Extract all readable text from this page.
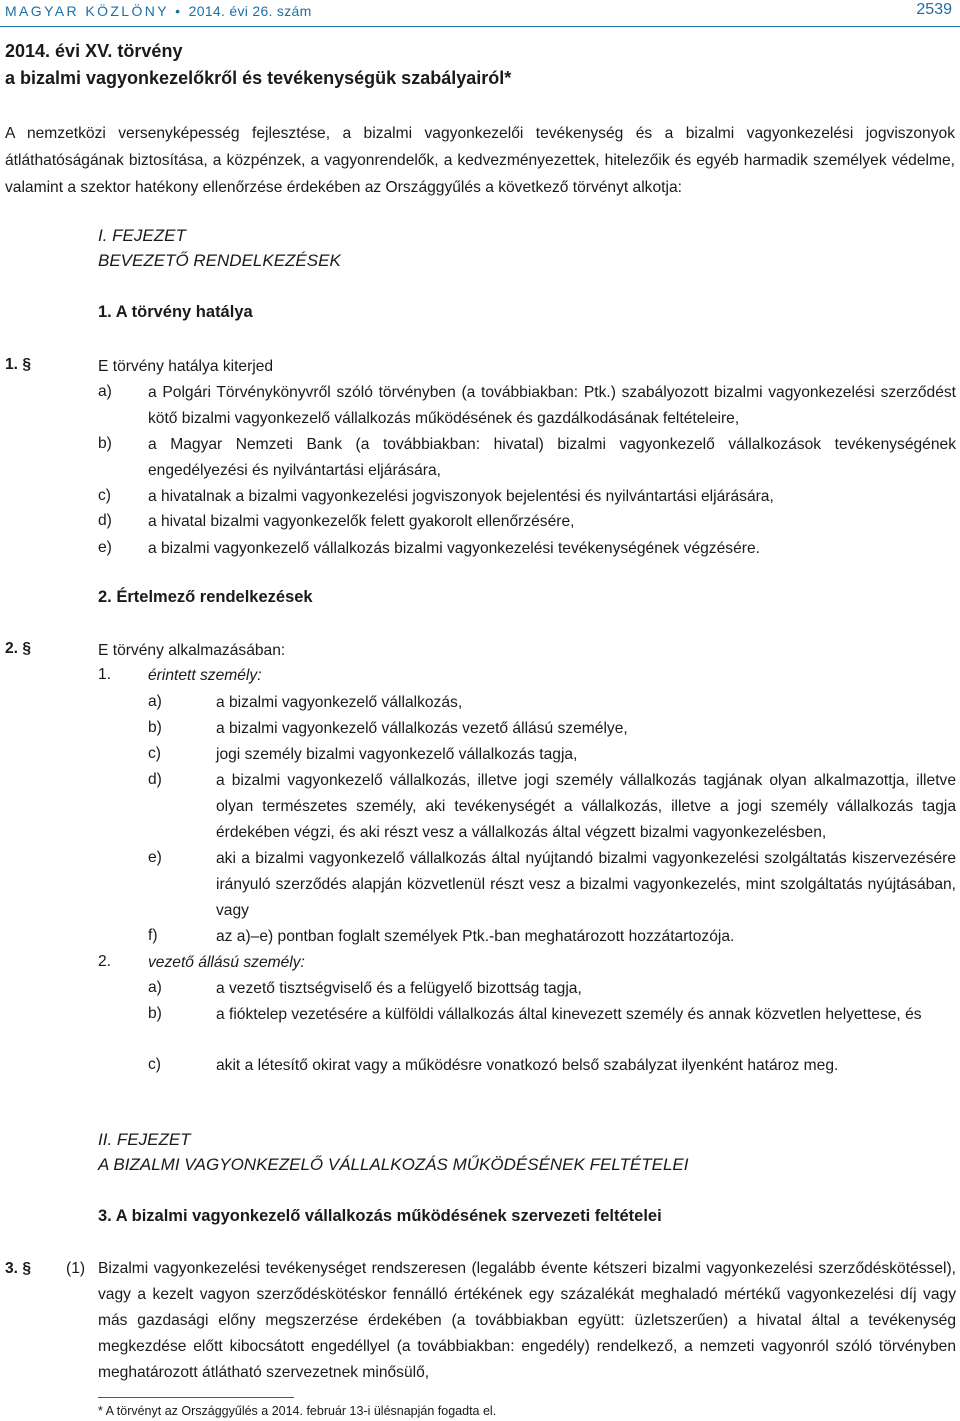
MAGYAR KÖZLÖNY • 2014. évi 26. szám	2539
2014. évi XV. törvény
a bizalmi vagyonkezelőkről és tevékenységük szabályairól*
A nemzetközi versenyképesség fejlesztése, a bizalmi vagyonkezelői tevékenység és a bizalmi vagyonkezelési jogviszonyok átláthatóságának biztosítása, a közpénzek, a vagyonrendelők, a kedvezményezettek, hitelezőik és egyéb harmadik személyek védelme, valamint a szektor hatékony ellenőrzése érdekében az Országgyűlés a következő törvényt alkotja:
I. FEJEZET
BEVEZETŐ RENDELKEZÉSEK
1. A törvény hatálya
1. §	E törvény hatálya kiterjed
a) a Polgári Törvénykönyvről szóló törvényben (a továbbiakban: Ptk.) szabályozott bizalmi vagyonkezelési szerződést kötő bizalmi vagyonkezelő vállalkozás működésének és gazdálkodásának feltételeire,
b) a Magyar Nemzeti Bank (a továbbiakban: hivatal) bizalmi vagyonkezelő vállalkozások tevékenységének engedélyezési és nyilvántartási eljárására,
c) a hivatalnak a bizalmi vagyonkezelési jogviszonyok bejelentési és nyilvántartási eljárására,
d) a hivatal bizalmi vagyonkezelők felett gyakorolt ellenőrzésére,
e) a bizalmi vagyonkezelő vállalkozás bizalmi vagyonkezelési tevékenységének végzésére.
2. Értelmező rendelkezések
2. §	E törvény alkalmazásában:
1. érintett személy:
a)	a bizalmi vagyonkezelő vállalkozás,
b)	a bizalmi vagyonkezelő vállalkozás vezető állású személye,
c)	jogi személy bizalmi vagyonkezelő vállalkozás tagja,
d)	a bizalmi vagyonkezelő vállalkozás, illetve jogi személy vállalkozás tagjának olyan alkalmazottja, illetve olyan természetes személy, aki tevékenységét a vállalkozás, illetve a jogi személy vállalkozás tagja érdekében végzi, és aki részt vesz a vállalkozás által végzett bizalmi vagyonkezelésben,
e)	aki a bizalmi vagyonkezelő vállalkozás által nyújtandó bizalmi vagyonkezelési szolgáltatás kiszervezésére irányuló szerződés alapján közvetlenül részt vesz a bizalmi vagyonkezelés, mint szolgáltatás nyújtásában, vagy
f)	az a)–e) pontban foglalt személyek Ptk.-ban meghatározott hozzátartozója.
2. vezető állású személy:
a)	a vezető tisztségviselő és a felügyelő bizottság tagja,
b)	a fióktelep vezetésére a külföldi vállalkozás által kinevezett személy és annak közvetlen helyettese, és
c)	akit a létesítő okirat vagy a működésre vonatkozó belső szabályzat ilyenként határoz meg.
II. FEJEZET
A BIZALMI VAGYONKEZELŐ VÁLLALKOZÁS MŰKÖDÉSÉNEK FELTÉTELEI
3. A bizalmi vagyonkezelő vállalkozás működésének szervezeti feltételei
3. § (1) Bizalmi vagyonkezelési tevékenységet rendszeresen (legalább évente kétszeri bizalmi vagyonkezelési szerződéskötéssel), vagy a kezelt vagyon szerződéskötéskor fennálló értékének egy százalékát meghaladó mértékű vagyonkezelési díj vagy más gazdasági előny megszerzése érdekében (a továbbiakban együtt: üzletszerűen) a hivatal által a tevékenység megkezdése előtt kibocsátott engedéllyel (a továbbiakban: engedély) rendelkező, a nemzeti vagyonról szóló törvényben meghatározott átlátható szervezetnek minősülő,
* A törvényt az Országgyűlés a 2014. február 13-i ülésnapján fogadta el.
